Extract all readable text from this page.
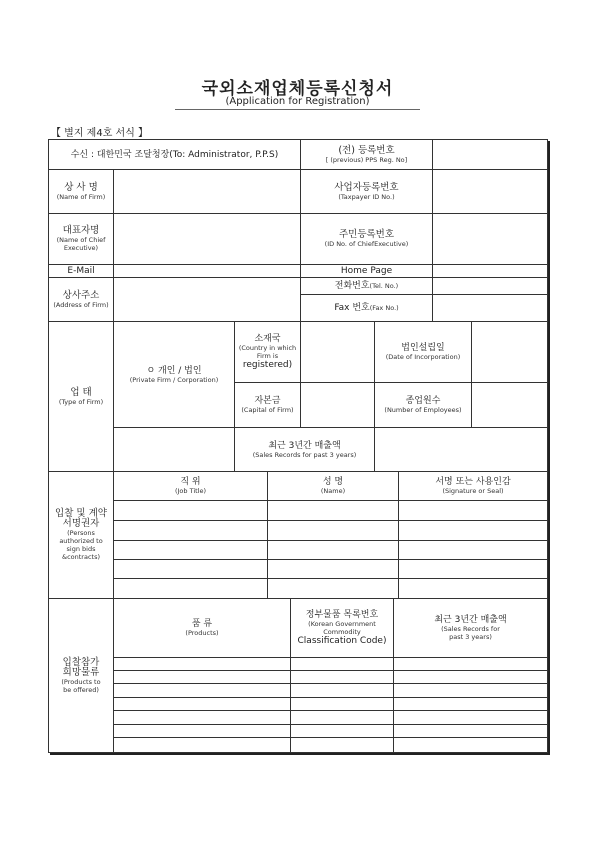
국외소재업체등록신청서
(Application for Registration)
【 별지 제4호 서식 】
수신 : 대한민국 조달청장(To: Administrator, P.P.S)	(전) 등록번호
[ (previous) PPS Reg. No]
상 사 명
(Name of Firm)
사업자등록번호
(Taxpayer ID No.)
대표자명
(Name of Chief Executive)
주민등록번호
(ID No. of ChiefExecutive)
E-Mail	Home Page
상사주소
(Address of Firm)
전화번호 (Tel. No.)
Fax 번호 (Fax No.)
업 태
(Type of Firm)
ㅇ 개인 / 법인
(Private Firm / Corporation)
소재국
(Country in which Firm is
registered)
법인설립일
(Date of Incorporation)
자본금
(Capital of Firm)
종업원수
(Number of Employees)
최근 3년간 매출액
(Sales Records for past 3 years)
입찰 및 계약 서명권자
(Persons authorized to sign bids &contracts)
직 위
(Job Title)
성 명
(Name)
서명 또는 사용인감
(Signature or Seal)
입찰참가 희망물류
(Products to be offered)
품 류
(Products)
정부물품 목록번호
(Korean Government Commodity
Classification Code)
최근 3년간 매출액
(Sales Records for past 3 years)
